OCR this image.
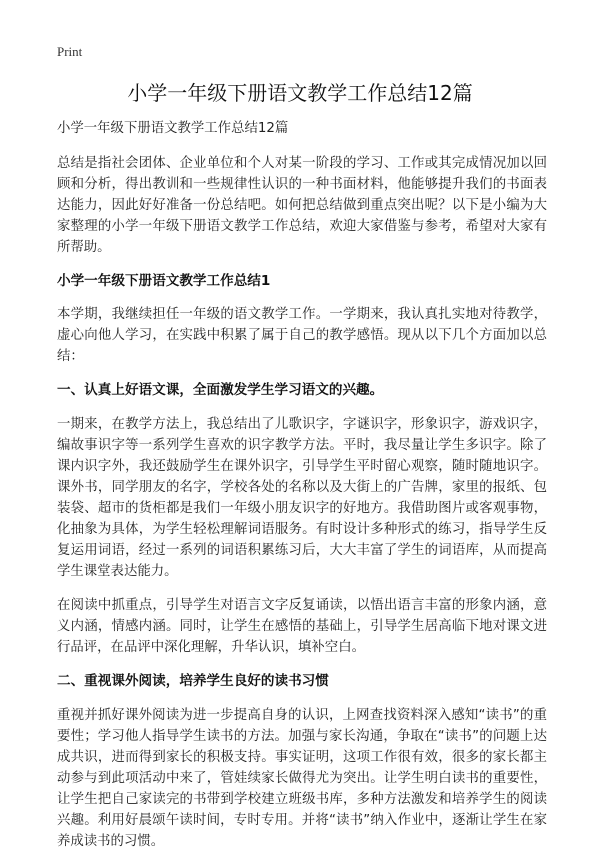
Print
小学一年级下册语文教学工作总结12篇

小学一年级下册语文教学工作总结12篇

总结是指社会团体、企业单位和个人对某一阶段的学习、工作或其完成情况加以回顾和分析，得出教训和一些规律性认识的一种书面材料，他能够提升我们的书面表达能力，因此好好准备一份总结吧。如何把总结做到重点突出呢？以下是小编为大家整理的小学一年级下册语文教学工作总结，欢迎大家借鉴与参考，希望对大家有所帮助。

小学一年级下册语文教学工作总结1

本学期，我继续担任一年级的语文教学工作。一学期来，我认真扎实地对待教学，虚心向他人学习，在实践中积累了属于自己的教学感悟。现从以下几个方面加以总结：

一、认真上好语文课，全面激发学生学习语文的兴趣。

一期来，在教学方法上，我总结出了儿歌识字，字谜识字，形象识字，游戏识字，编故事识字等一系列学生喜欢的识字教学方法。平时，我尽量让学生多识字。除了课内识字外，我还鼓励学生在课外识字，引导学生平时留心观察，随时随地识字。课外书，同学朋友的名字，学校各处的名称以及大街上的广告牌，家里的报纸、包装袋、超市的货柜都是我们一年级小朋友识字的好地方。我借助图片或客观事物，化抽象为具体，为学生轻松理解词语服务。有时设计多种形式的练习，指导学生反复运用词语，经过一系列的词语积累练习后，大大丰富了学生的词语库，从而提高学生课堂表达能力。

在阅读中抓重点，引导学生对语言文字反复诵读，以悟出语言丰富的形象内涵，意义内涵，情感内涵。同时，让学生在感悟的基础上，引导学生居高临下地对课文进行品评，在品评中深化理解，升华认识，填补空白。

二、重视课外阅读，培养学生良好的读书习惯

重视并抓好课外阅读为进一步提高自身的认识，上网查找资料深入感知“读书”的重要性；学习他人指导学生读书的方法。加强与家长沟通，争取在“读书”的问题上达成共识，进而得到家长的积极支持。事实证明，这项工作很有效，很多的家长都主动参与到此项活动中来了，管娃续家长做得尤为突出。让学生明白读书的重要性，让学生把自己家读完的书带到学校建立班级书库，多种方法激发和培养学生的阅读兴趣。利用好晨颂午读时间，专时专用。并将“读书”纳入作业中，逐渐让学生在家养成读书的习惯。
